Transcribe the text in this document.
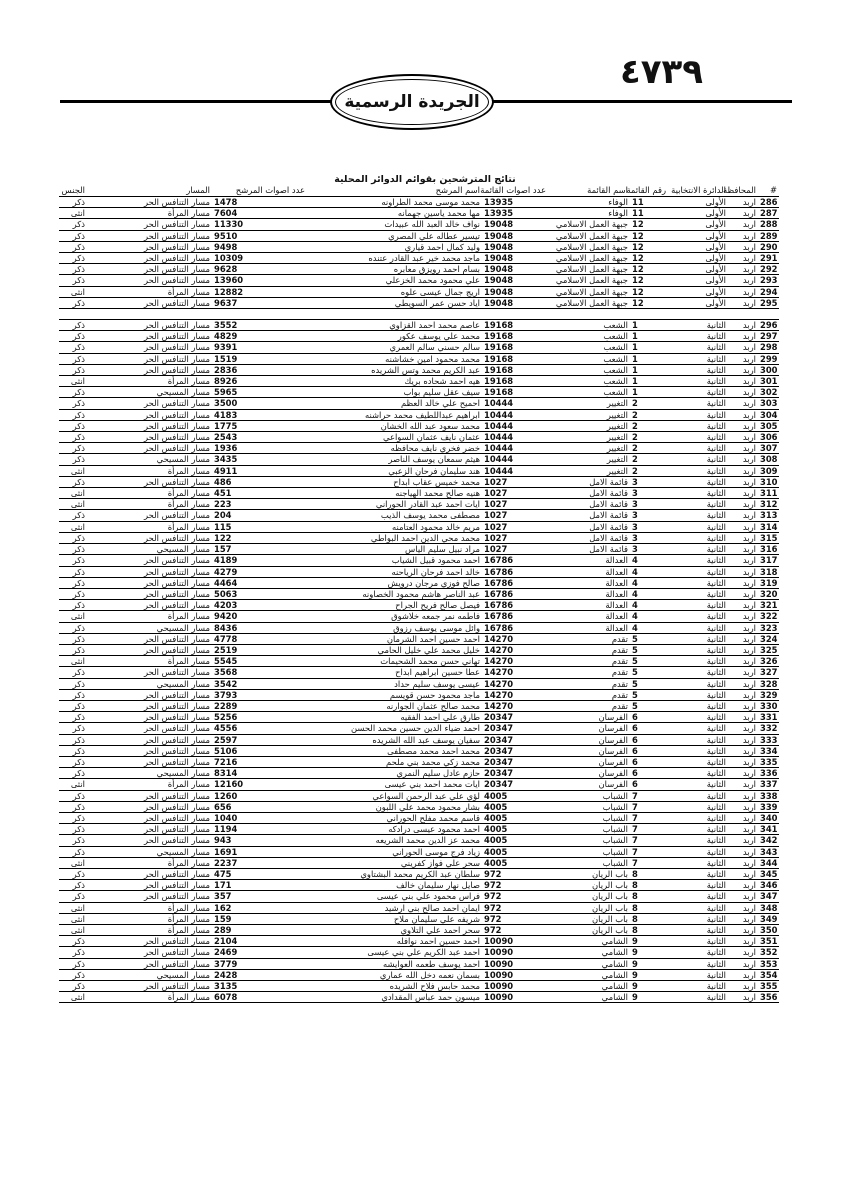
٤٧٣٩
الجريدة الرسمية
نتائج المترشحين بقوائم الدوائر المحلية
#	المحافظة	الدائرة الانتخابية	رقم القائمة	اسم القائمة	عدد اصوات القائمة	اسم المرشح	عدد اصوات المرشح	المسار	الجنس
286	اربد	الأولى	11	الوفاء	13935	محمد موسى محمد الطراونه	1478	مسار التنافس الحر	ذكر
287	اربد	الأولى	11	الوفاء	13935	مها محمد ياسين جهمانه	7604	مسار المرأة	انثى
288	اربد	الأولى	12	جبهة العمل الاسلامي	19048	نواف خالد العبد الله عبيدات	11330	مسار التنافس الحر	ذكر
289	اربد	الأولى	12	جبهة العمل الاسلامي	19048	تيسير عطاله علي المصري	9510	مسار التنافس الحر	ذكر
290	اربد	الأولى	12	جبهة العمل الاسلامي	19048	وليد كمال احمد قياري	9498	مسار التنافس الحر	ذكر
291	اربد	الأولى	12	جبهة العمل الاسلامي	19048	ماجد محمد خير عبد القادر عتنده	10309	مسار التنافس الحر	ذكر
292	اربد	الأولى	12	جبهة العمل الاسلامي	19048	بسام احمد رويزق معابره	9628	مسار التنافس الحر	ذكر
293	اربد	الأولى	12	جبهة العمل الاسلامي	19048	علي محمود محمد الخزعلي	13960	مسار التنافس الحر	ذكر
294	اربد	الأولى	12	جبهة العمل الاسلامي	19048	اريج جمال عيسى علوه	12882	مسار المرأة	انثى
295	اربد	الأولى	12	جبهة العمل الاسلامي	19048	اياد حسن عمر السويطي	9637	مسار التنافس الحر	ذكر

296	اربد	الثانية	1	الشعب	19168	عاصم محمد احمد القزاوي	3552	مسار التنافس الحر	ذكر
297	اربد	الثانية	1	الشعب	19168	محمد علي يوسف عكور	4829	مسار التنافس الحر	ذكر
298	اربد	الثانية	1	الشعب	19168	سالم حسني سالم العمري	9391	مسار التنافس الحر	ذكر
299	اربد	الثانية	1	الشعب	19168	محمد محمود امين خشاشنه	1519	مسار التنافس الحر	ذكر
300	اربد	الثانية	1	الشعب	19168	عبد الكريم محمد وتس الشريده	2836	مسار التنافس الحر	ذكر
301	اربد	الثانية	1	الشعب	19168	هيه احمد شحاده بريك	8926	مسار المرأة	انثى
302	اربد	الثانية	1	الشعب	19168	سيف عقل سليم بواب	5965	مسار المسيحي	ذكر
303	اربد	الثانية	2	التغيير	10444	احميح علي خالد العظم	3500	مسار التنافس الحر	ذكر
304	اربد	الثانية	2	التغيير	10444	ابراهيم عبداللطيف محمد حراشنه	4183	مسار التنافس الحر	ذكر
305	اربد	الثانية	2	التغيير	10444	محمد سعود عبد الله الخشان	1775	مسار التنافس الحر	ذكر
306	اربد	الثانية	2	التغيير	10444	عثمان نايف عثمان السواعي	2543	مسار التنافس الحر	ذكر
307	اربد	الثانية	2	التغيير	10444	خضر فخري نايف محافظه	1936	مسار التنافس الحر	ذكر
308	اربد	الثانية	2	التغيير	10444	هيثم سمعان يوسف الناصر	3435	مسار المسيحي	ذكر
309	اربد	الثانية	2	التغيير	10444	هند سليمان فرحان الزعبي	4911	مسار المرأة	انثى
310	اربد	الثانية	3	قائمة الامل	1027	محمد خميس عقاب ابداح	486	مسار التنافس الحر	ذكر
311	اربد	الثانية	3	قائمة الامل	1027	هنيه صالح محمد الهياجنه	451	مسار المرأة	انثى
312	اربد	الثانية	3	قائمة الامل	1027	ايات احمد عبد القادر الحوراني	223	مسار المرأة	انثى
313	اربد	الثانية	3	قائمة الامل	1027	مصطفى محمد يوسف الذيب	204	مسار التنافس الحر	ذكر
314	اربد	الثانية	3	قائمة الامل	1027	مريم خالد محمود العتامنه	115	مسار المرأة	انثى
315	اربد	الثانية	3	قائمة الامل	1027	محمد محي الدين احمد البواطي	122	مسار التنافس الحر	ذكر
316	اربد	الثانية	3	قائمة الامل	1027	مراد نبيل سليم الياس	157	مسار المسيحي	ذكر
317	اربد	الثانية	4	العدالة	16786	احمد محمود قبيل الشياب	4189	مسار التنافس الحر	ذكر
318	اربد	الثانية	4	العدالة	16786	خالد احمد فرحان الرياحنه	4279	مسار التنافس الحر	ذكر
319	اربد	الثانية	4	العدالة	16786	صالح فوزي مرجان درويش	4464	مسار التنافس الحر	ذكر
320	اربد	الثانية	4	العدالة	16786	عبد الناصر هاشم محمود الخصاونه	5063	مسار التنافس الحر	ذكر
321	اربد	الثانية	4	العدالة	16786	فيصل صالح فريح الجراح	4203	مسار التنافس الحر	ذكر
322	اربد	الثانية	4	العدالة	16786	فاطمه نمر جمعه خلاشوق	9420	مسار المرأة	انثى
323	اربد	الثانية	4	العدالة	16786	وائل موسى يوسف رزوق	8436	مسار المسيحي	ذكر
324	اربد	الثانية	5	تقدم	14270	احمد حسين احمد الشرمان	4778	مسار التنافس الحر	ذكر
325	اربد	الثانية	5	تقدم	14270	خليل محمد علي خليل الحامي	2519	مسار التنافس الحر	ذكر
326	اربد	الثانية	5	تقدم	14270	تهاني حسن محمد الشحيمات	5545	مسار المرأة	انثى
327	اربد	الثانية	5	تقدم	14270	عطا حسين ابراهيم ابداح	3568	مسار التنافس الحر	ذكر
328	اربد	الثانية	5	تقدم	14270	عيسى يوسف سليم حداد	3542	مسار المسيحي	ذكر
329	اربد	الثانية	5	تقدم	14270	ماجد محمود حسن قويسم	3793	مسار التنافس الحر	ذكر
330	اربد	الثانية	5	تقدم	14270	محمد صالح عثمان الجوارنه	2289	مسار التنافس الحر	ذكر
331	اربد	الثانية	6	الفرسان	20347	طارق علي احمد الفقيه	5256	مسار التنافس الحر	ذكر
332	اربد	الثانية	6	الفرسان	20347	احمد ضياء الدين حسين محمد الحسن	4556	مسار التنافس الحر	ذكر
333	اربد	الثانية	6	الفرسان	20347	سفيان يوسف عبد الله الشريده	2597	مسار التنافس الحر	ذكر
334	اربد	الثانية	6	الفرسان	20347	محمد احمد محمد مصطفى	5106	مسار التنافس الحر	ذكر
335	اربد	الثانية	6	الفرسان	20347	محمد زكي محمد بني ملحم	7216	مسار التنافس الحر	ذكر
336	اربد	الثانية	6	الفرسان	20347	حازم عادل سليم النمري	8314	مسار المسيحي	ذكر
337	اربد	الثانية	6	الفرسان	20347	ايات محمد احمد بني عيسى	12160	مسار المرأة	انثى
338	اربد	الثانية	7	الشباب	4005	لؤي علي عبد الرحمن السواعي	1260	مسار التنافس الحر	ذكر
339	اربد	الثانية	7	الشباب	4005	بشار محمود محمد علي اللبون	656	مسار التنافس الحر	ذكر
340	اربد	الثانية	7	الشباب	4005	قاسم محمد مفلح الحوراني	1040	مسار التنافس الحر	ذكر
341	اربد	الثانية	7	الشباب	4005	احمد محمود عيسى درادكه	1194	مسار التنافس الحر	ذكر
342	اربد	الثانية	7	الشباب	4005	محمد عز الدين محمد الشريعه	943	مسار التنافس الحر	ذكر
343	اربد	الثانية	7	الشباب	4005	زياد فرج موسى الحوراني	1691	مسار المسيحي	ذكر
344	اربد	الثانية	7	الشباب	4005	سحر علي فواز كفريني	2237	مسار المرأة	انثى
345	اربد	الثانية	8	باب الريان	972	سلطان عبد الكريم محمد البشتاوي	475	مسار التنافس الحر	ذكر
346	اربد	الثانية	8	باب الريان	972	صايل نهار سليمان خالف	171	مسار التنافس الحر	ذكر
347	اربد	الثانية	8	باب الريان	972	فراس محمود علي بني عيسى	357	مسار التنافس الحر	ذكر
348	اربد	الثانية	8	باب الريان	972	ايمان احمد صالح بني ارشيد	162	مسار المرأة	انثى
349	اربد	الثانية	8	باب الريان	972	شريفه علي سليمان ملاح	159	مسار المرأة	انثى
350	اربد	الثانية	8	باب الريان	972	سحر احمد علي التلاوي	289	مسار المرأة	انثى
351	اربد	الثانية	9	الشامي	10090	احمد حسين احمد نوافله	2104	مسار التنافس الحر	ذكر
352	اربد	الثانية	9	الشامي	10090	احمد عبد الكريم علي بني عيسى	2469	مسار التنافس الحر	ذكر
353	اربد	الثانية	9	الشامي	10090	احمد يوسف طعمه العوايشه	3779	مسار التنافس الحر	ذكر
354	اربد	الثانية	9	الشامي	10090	بسمان نعمه دخل الله عماري	2428	مسار المسيحي	ذكر
355	اربد	الثانية	9	الشامي	10090	محمد حابس فلاح الشريده	3135	مسار التنافس الحر	ذكر
356	اربد	الثانية	9	الشامي	10090	ميسون حمد عباس المقدادي	6078	مسار المرأة	انثى
